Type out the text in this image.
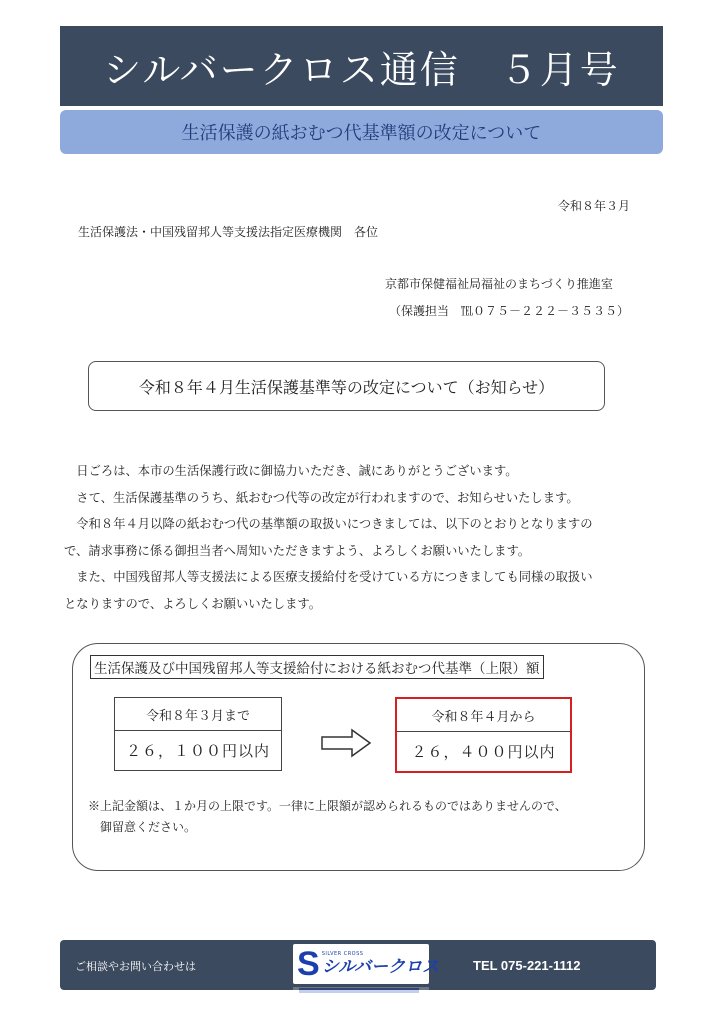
シルバークロス通信　５月号
生活保護の紙おむつ代基準額の改定について
令和８年３月
生活保護法・中国残留邦人等支援法指定医療機関　各位
京都市保健福祉局福祉のまちづくり推進室
（保護担当　℡０７５－２２２－３５３５）
令和８年４月生活保護基準等の改定について（お知らせ）

　日ごろは、本市の生活保護行政に御協力いただき、誠にありがとうございます。

　さて、生活保護基準のうち、紙おむつ代等の改定が行われますので、お知らせいたします。

　令和８年４月以降の紙おむつ代の基準額の取扱いにつきましては、以下のとおりとなりますの

で、請求事務に係る御担当者へ周知いただきますよう、よろしくお願いいたします。

　また、中国残留邦人等支援法による医療支援給付を受けている方につきましても同様の取扱い

となりますので、よろしくお願いいたします。

生活保護及び中国残留邦人等支援給付における紙おむつ代基準（上限）額
令和８年３月まで
２６，１００円以内
令和８年４月から
２６，４００円以内
※上記金額は、１か月の上限です。一律に上限額が認められるものではありませんので、
　御留意ください。
ご相談やお問い合わせは	S SILVER CROSS
シルバークロス	TEL 075-221-1112
